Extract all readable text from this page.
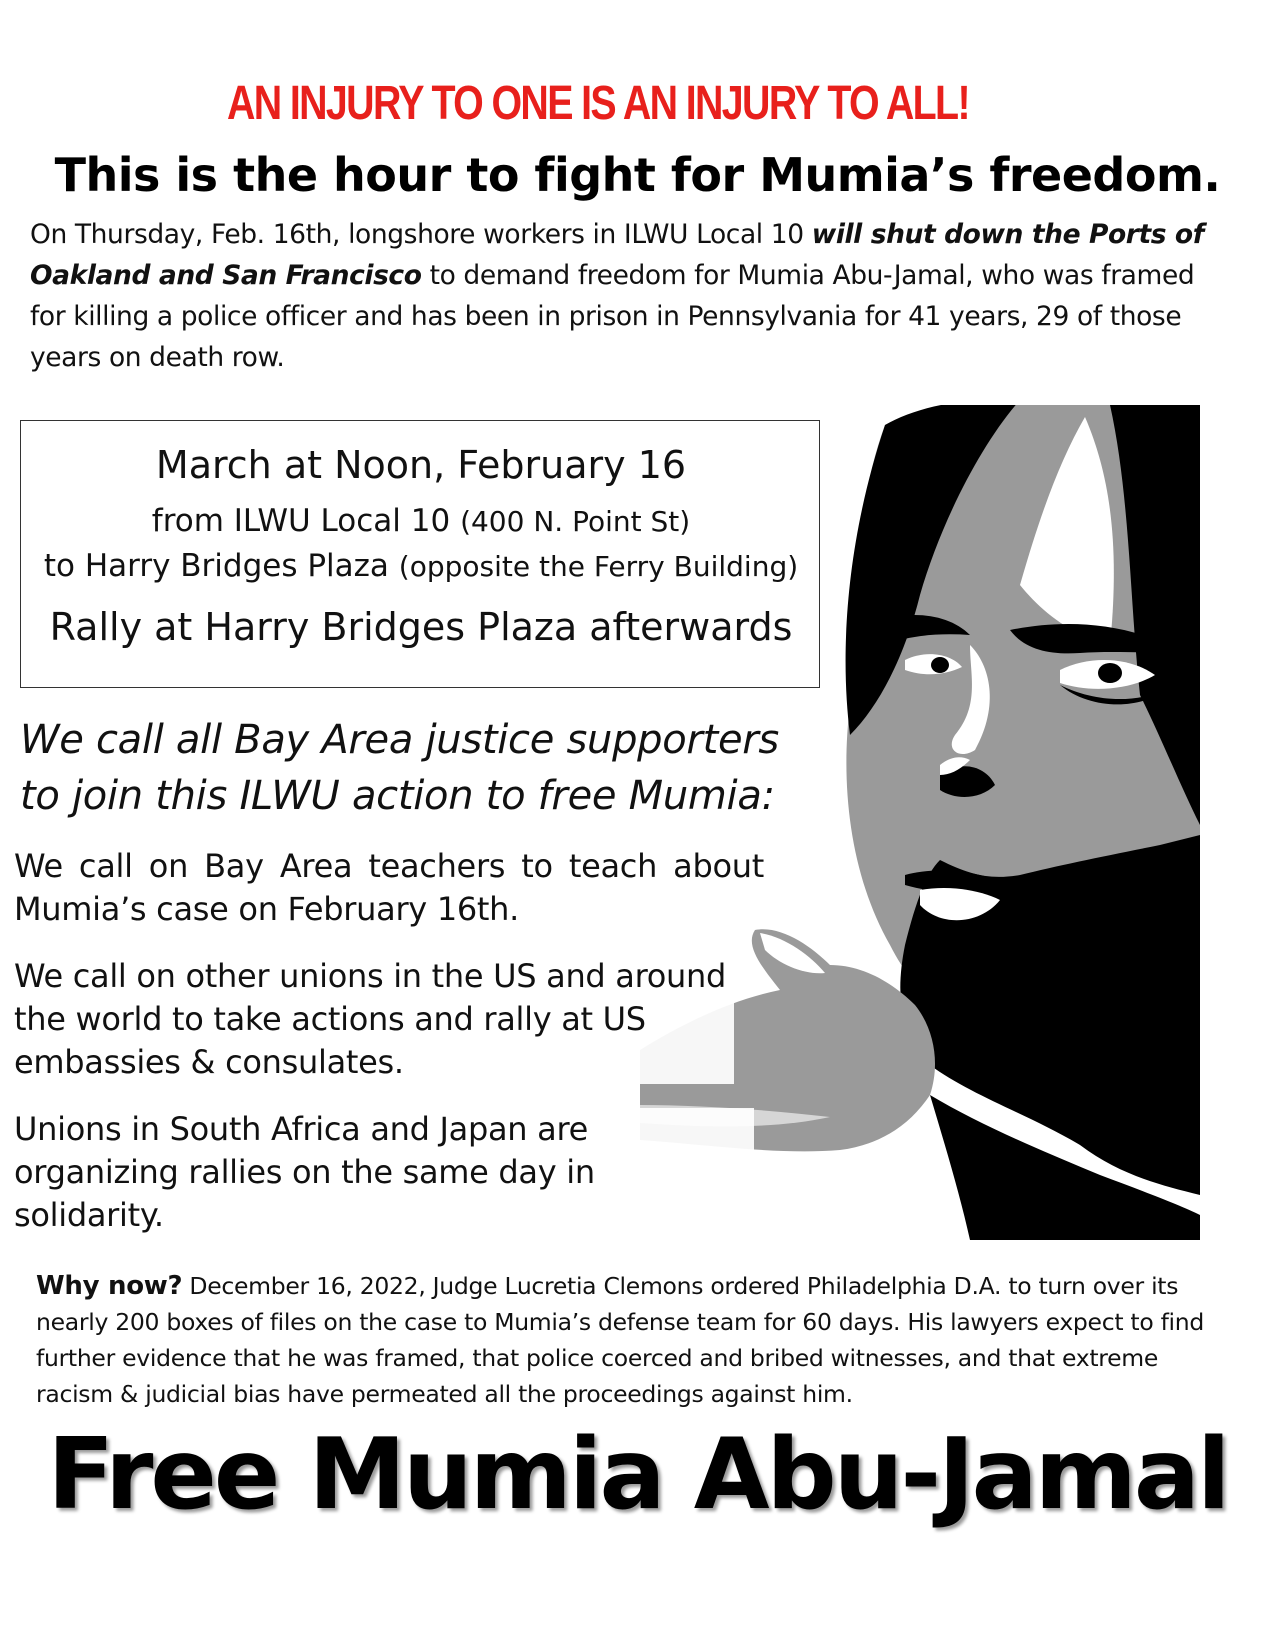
AN INJURY TO ONE IS AN INJURY TO ALL!
This is the hour to fight for Mumia’s freedom.
On Thursday, Feb. 16th, longshore workers in ILWU Local 10 will shut down the Ports of Oakland and San Francisco to demand freedom for Mumia Abu-Jamal, who was framed for killing a police officer and has been in prison in Pennsylvania for 41 years, 29 of those years on death row.
March at Noon, February 16
from ILWU Local 10 (400 N. Point St)
to Harry Bridges Plaza (opposite the Ferry Building)
Rally at Harry Bridges Plaza afterwards
We call all Bay Area justice supporters to join this ILWU action to free Mumia:
We call on Bay Area teachers to teach about Mumia’s case on February 16th.
We call on other unions in the US and around the world to take actions and rally at US embassies & consulates.
Unions in South Africa and Japan are organizing rallies on the same day in solidarity.
Why now? December 16, 2022, Judge Lucretia Clemons ordered Philadelphia D.A. to turn over its nearly 200 boxes of files on the case to Mumia’s defense team for 60 days. His lawyers expect to find further evidence that he was framed, that police coerced and bribed witnesses, and that extreme racism & judicial bias have permeated all the proceedings against him.
Free Mumia Abu-Jamal
